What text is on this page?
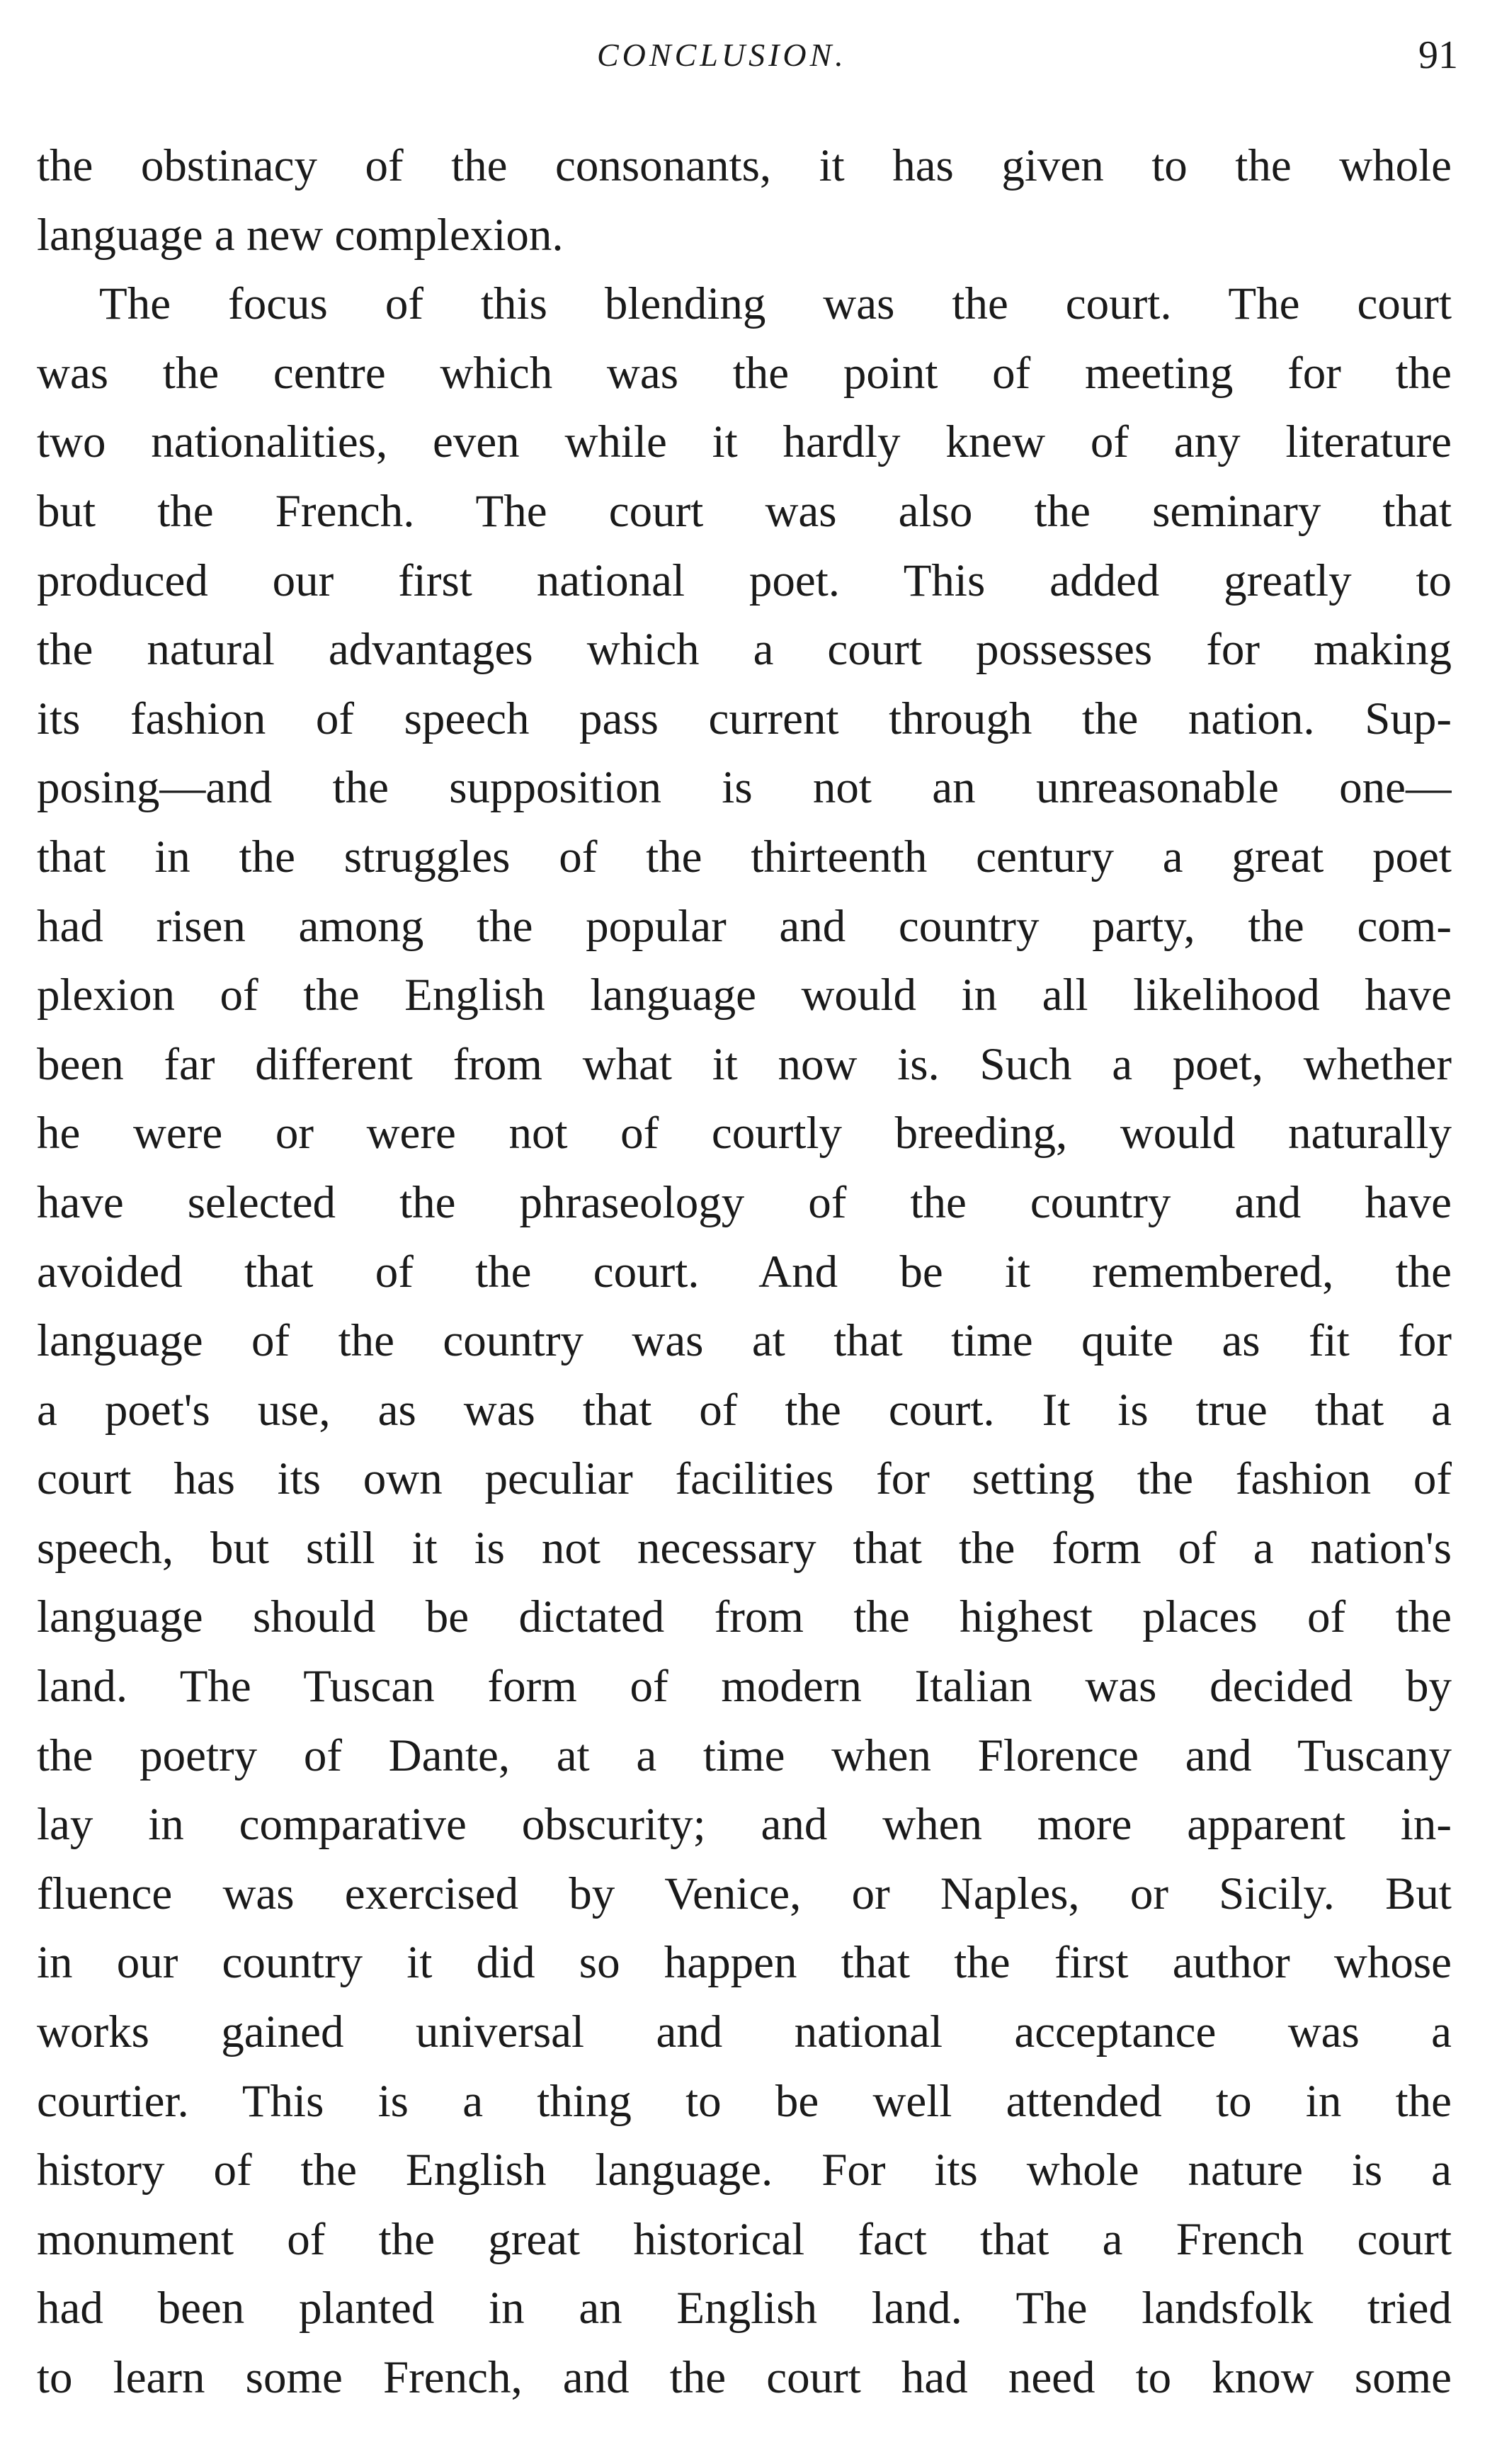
CONCLUSION.	91
the obstinacy of the consonants, it has given to the whole
language a new complexion.
The focus of this blending was the court. The court
was the centre which was the point of meeting for the
two nationalities, even while it hardly knew of any literature
but the French. The court was also the seminary that
produced our first national poet. This added greatly to
the natural advantages which a court possesses for making
its fashion of speech pass current through the nation. Sup-
posing—and the supposition is not an unreasonable one—
that in the struggles of the thirteenth century a great poet
had risen among the popular and country party, the com-
plexion of the English language would in all likelihood have
been far different from what it now is. Such a poet, whether
he were or were not of courtly breeding, would naturally
have selected the phraseology of the country and have
avoided that of the court. And be it remembered, the
language of the country was at that time quite as fit for
a poet's use, as was that of the court. It is true that a
court has its own peculiar facilities for setting the fashion of
speech, but still it is not necessary that the form of a nation's
language should be dictated from the highest places of the
land. The Tuscan form of modern Italian was decided by
the poetry of Dante, at a time when Florence and Tuscany
lay in comparative obscurity; and when more apparent in-
fluence was exercised by Venice, or Naples, or Sicily. But
in our country it did so happen that the first author whose
works gained universal and national acceptance was a
courtier. This is a thing to be well attended to in the
history of the English language. For its whole nature is a
monument of the great historical fact that a French court
had been planted in an English land. The landsfolk tried
to learn some French, and the court had need to know some
